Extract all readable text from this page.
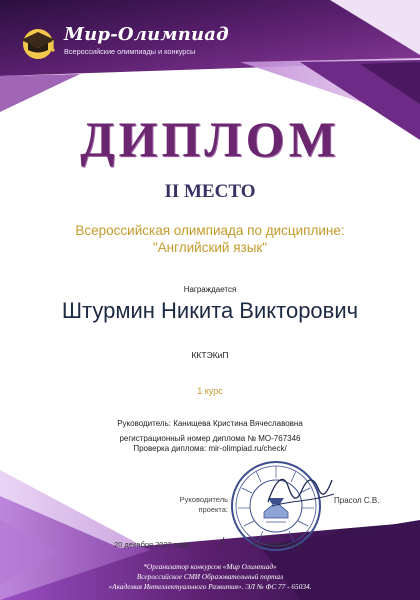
Мир-Олимпиад
Всероссийские олимпиады и конкурсы
ДИПЛОМ
II МЕСТО
Всероссийская олимпиада по дисциплине:
"Английский язык"
Награждается
Штурмин Никита Викторович
ККТЭКиП
1 курс
Руководитель: Канищева Кристина Вячеславовна
регистрационный номер диплома № МО-767346
Проверка диплома: mir-olimpiad.ru/check/
Руководитель
проекта:
Прасол С.В.
20 декабря 2022 года	mir-olimpiad.ru
*Организатор конкурсов «Мир Олимпиад»
Всероссийское СМИ Образовательный портал
«Академия Интеллектуального Развития». ЭЛ № ФС 77 - 65034.
